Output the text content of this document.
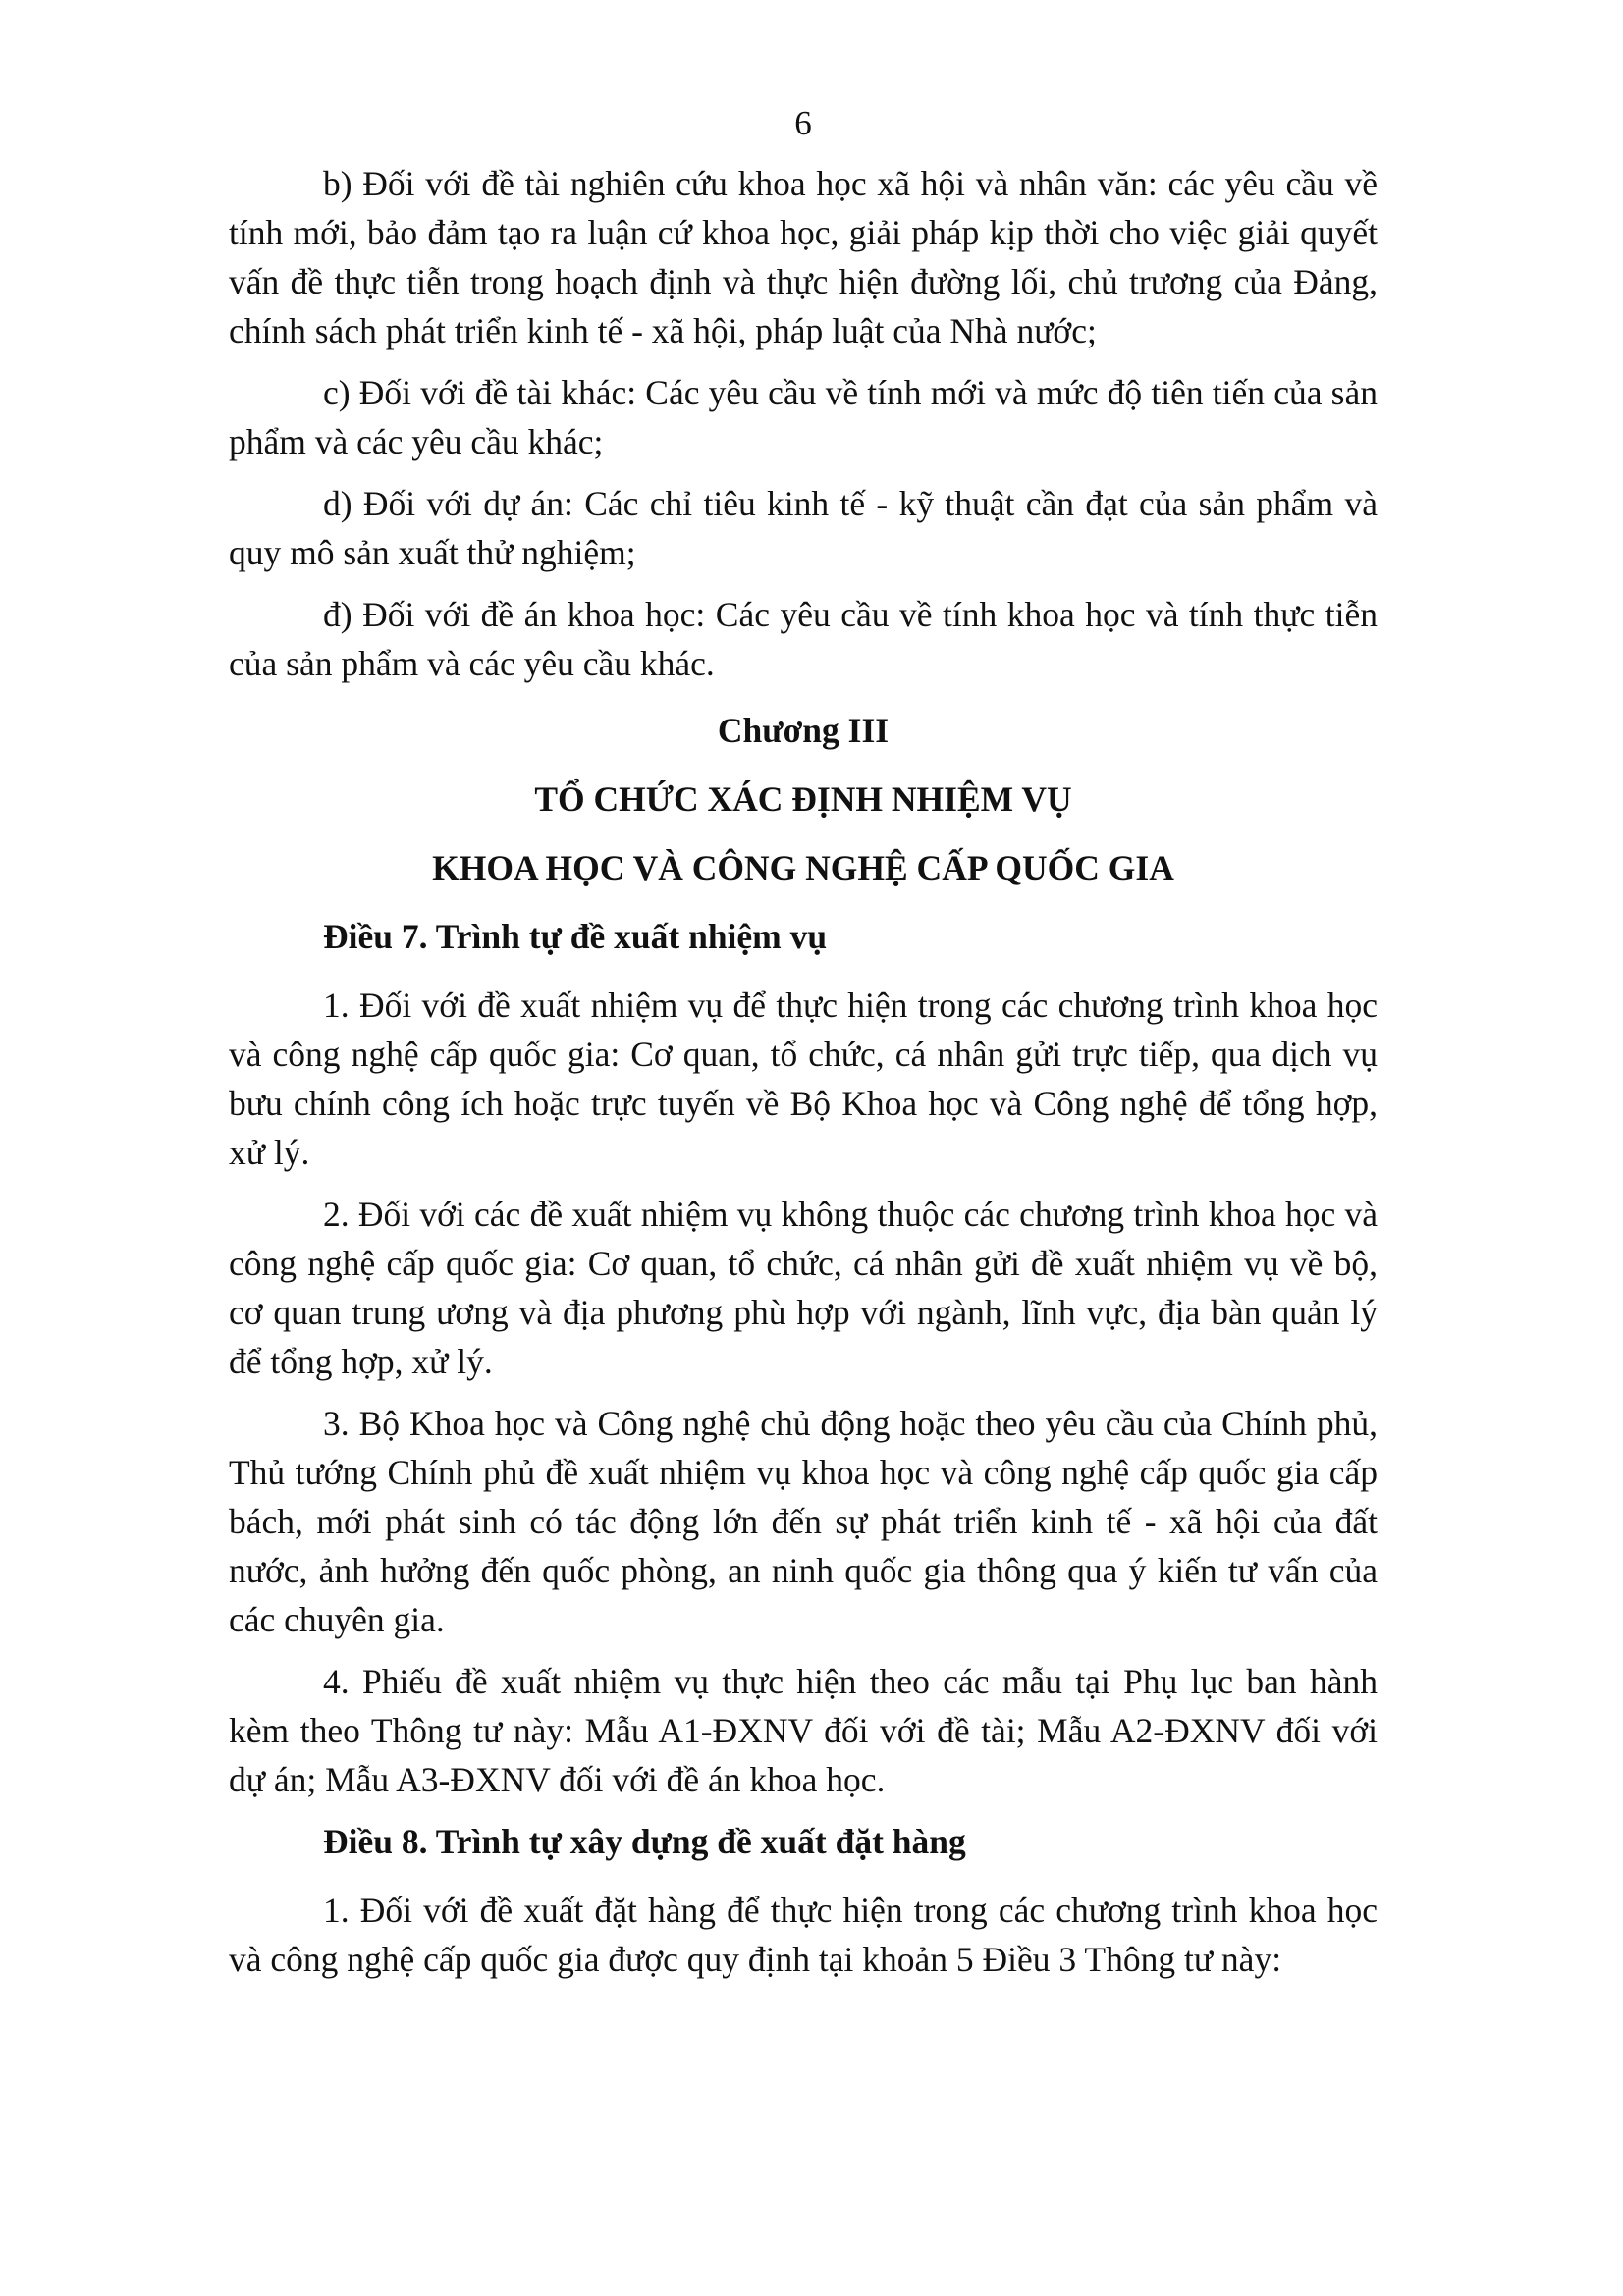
6

b) Đối với đề tài nghiên cứu khoa học xã hội và nhân văn: các yêu cầu về tính mới, bảo đảm tạo ra luận cứ khoa học, giải pháp kịp thời cho việc giải quyết vấn đề thực tiễn trong hoạch định và thực hiện đường lối, chủ trương của Đảng, chính sách phát triển kinh tế - xã hội, pháp luật của Nhà nước;

c) Đối với đề tài khác: Các yêu cầu về tính mới và mức độ tiên tiến của sản phẩm và các yêu cầu khác;

d) Đối với dự án: Các chỉ tiêu kinh tế - kỹ thuật cần đạt của sản phẩm và quy mô sản xuất thử nghiệm;

đ) Đối với đề án khoa học: Các yêu cầu về tính khoa học và tính thực tiễn của sản phẩm và các yêu cầu khác.

Chương III
TỔ CHỨC XÁC ĐỊNH NHIỆM VỤ
KHOA HỌC VÀ CÔNG NGHỆ CẤP QUỐC GIA
Điều 7. Trình tự đề xuất nhiệm vụ

1. Đối với đề xuất nhiệm vụ để thực hiện trong các chương trình khoa học và công nghệ cấp quốc gia: Cơ quan, tổ chức, cá nhân gửi trực tiếp, qua dịch vụ bưu chính công ích hoặc trực tuyến về Bộ Khoa học và Công nghệ để tổng hợp, xử lý.

2. Đối với các đề xuất nhiệm vụ không thuộc các chương trình khoa học và công nghệ cấp quốc gia: Cơ quan, tổ chức, cá nhân gửi đề xuất nhiệm vụ về bộ, cơ quan trung ương và địa phương phù hợp với ngành, lĩnh vực, địa bàn quản lý để tổng hợp, xử lý.

3. Bộ Khoa học và Công nghệ chủ động hoặc theo yêu cầu của Chính phủ, Thủ tướng Chính phủ đề xuất nhiệm vụ khoa học và công nghệ cấp quốc gia cấp bách, mới phát sinh có tác động lớn đến sự phát triển kinh tế - xã hội của đất nước, ảnh hưởng đến quốc phòng, an ninh quốc gia thông qua ý kiến tư vấn của các chuyên gia.

4. Phiếu đề xuất nhiệm vụ thực hiện theo các mẫu tại Phụ lục ban hành kèm theo Thông tư này: Mẫu A1-ĐXNV đối với đề tài; Mẫu A2-ĐXNV đối với dự án; Mẫu A3-ĐXNV đối với đề án khoa học.

Điều 8. Trình tự xây dựng đề xuất đặt hàng

1. Đối với đề xuất đặt hàng để thực hiện trong các chương trình khoa học và công nghệ cấp quốc gia được quy định tại khoản 5 Điều 3 Thông tư này:
